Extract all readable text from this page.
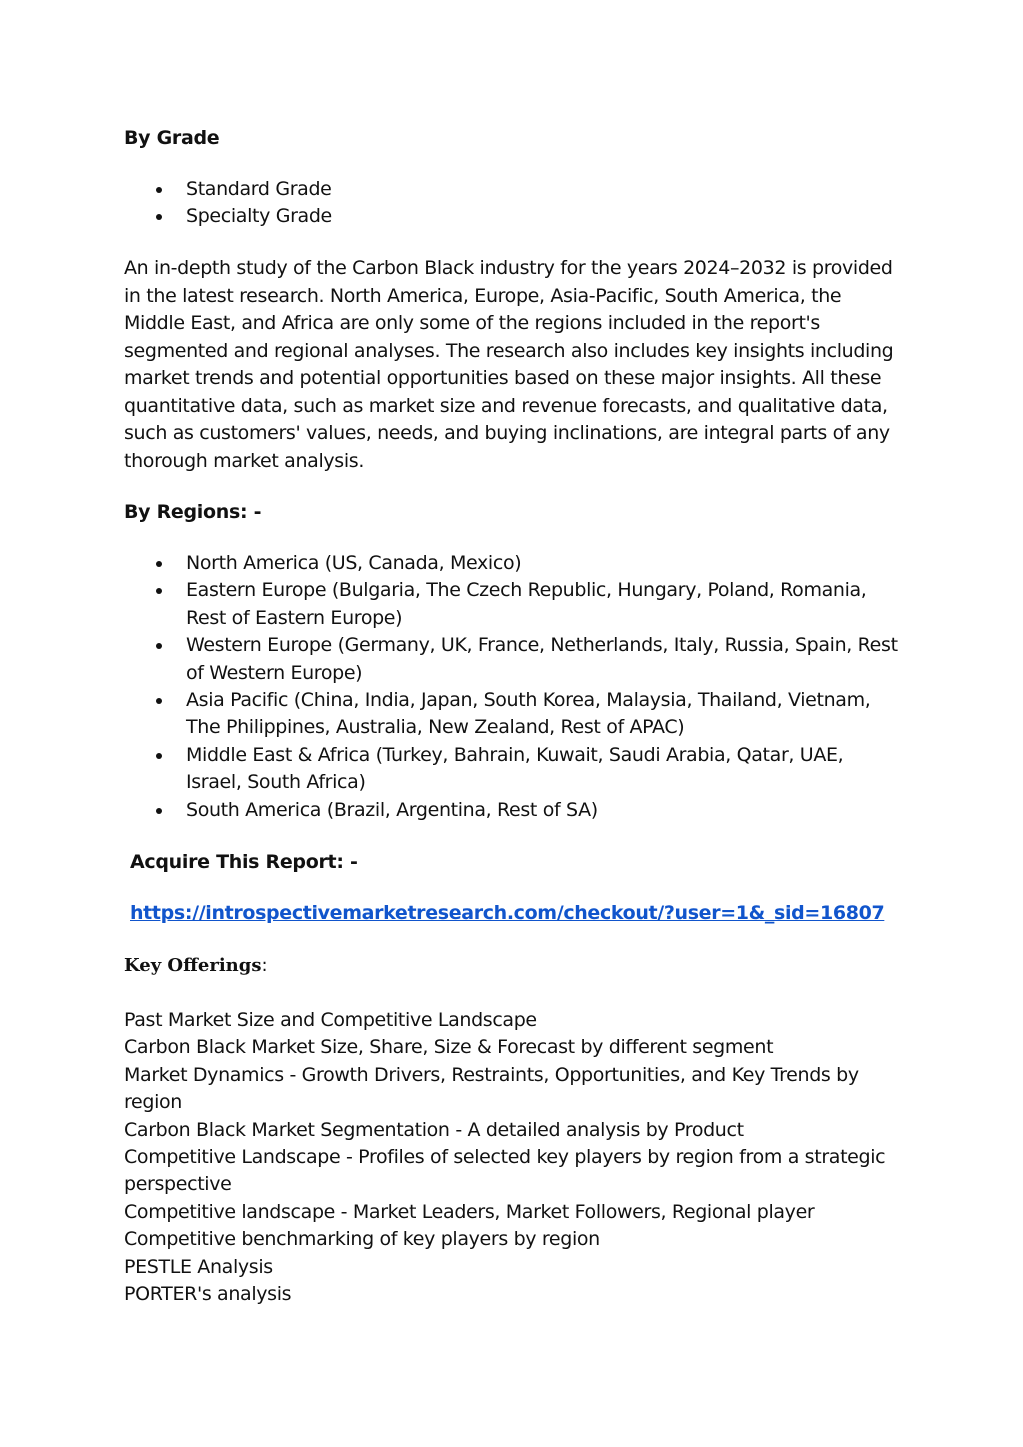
By Grade
Standard Grade
Specialty Grade

An in-depth study of the Carbon Black industry for the years 2024–2032 is provided in the latest research. North America, Europe, Asia-Pacific, South America, the Middle East, and Africa are only some of the regions included in the report's segmented and regional analyses. The research also includes key insights including market trends and potential opportunities based on these major insights. All these quantitative data, such as market size and revenue forecasts, and qualitative data, such as customers' values, needs, and buying inclinations, are integral parts of any thorough market analysis.

By Regions: -
North America (US, Canada, Mexico)
Eastern Europe (Bulgaria, The Czech Republic, Hungary, Poland, Romania, Rest of Eastern Europe)
Western Europe (Germany, UK, France, Netherlands, Italy, Russia, Spain, Rest of Western Europe)
Asia Pacific (China, India, Japan, South Korea, Malaysia, Thailand, Vietnam, The Philippines, Australia, New Zealand, Rest of APAC)
Middle East & Africa (Turkey, Bahrain, Kuwait, Saudi Arabia, Qatar, UAE, Israel, South Africa)
South America (Brazil, Argentina, Rest of SA)
Acquire This Report: -
https://introspectivemarketresearch.com/checkout/?user=1&_sid=16807
Key Offerings:
Past Market Size and Competitive Landscape
Carbon Black Market Size, Share, Size & Forecast by different segment
Market Dynamics - Growth Drivers, Restraints, Opportunities, and Key Trends by region
Carbon Black Market Segmentation - A detailed analysis by Product
Competitive Landscape - Profiles of selected key players by region from a strategic perspective
Competitive landscape - Market Leaders, Market Followers, Regional player
Competitive benchmarking of key players by region
PESTLE Analysis
PORTER's analysis
